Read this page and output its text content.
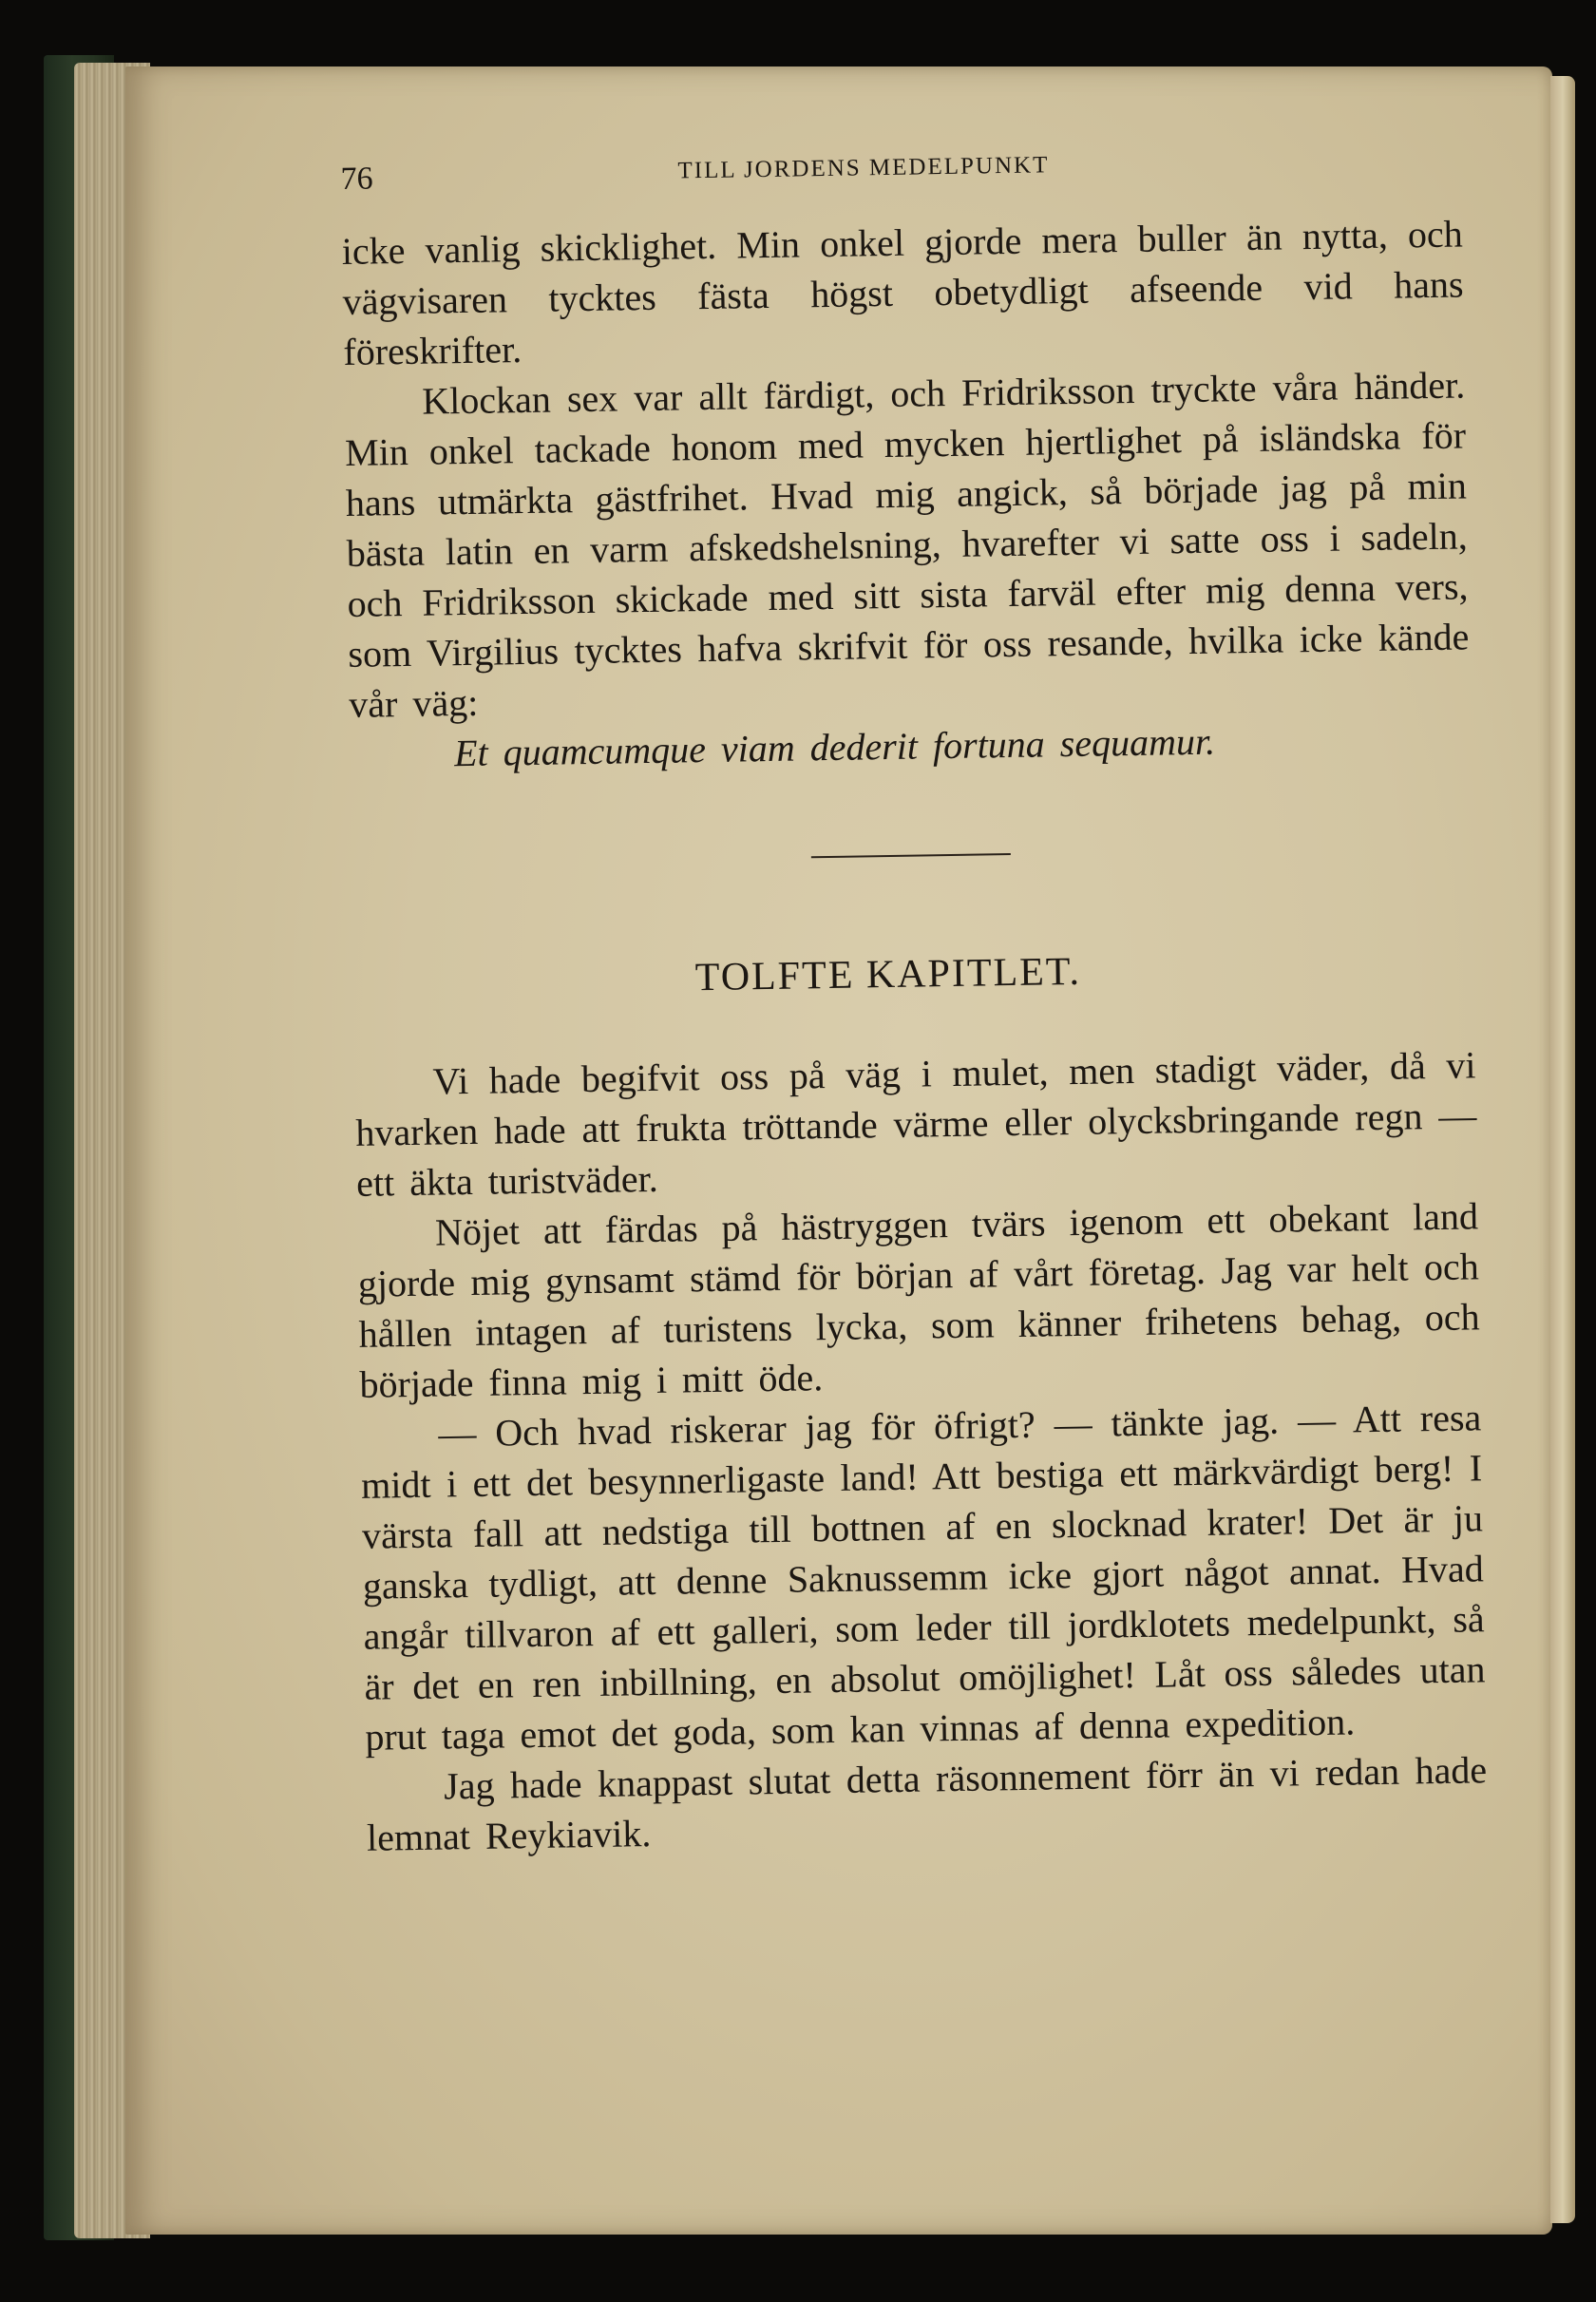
76	TILL JORDENS MEDELPUNKT

icke vanlig skicklighet. Min onkel gjorde mera buller än nytta, och vägvisaren tycktes fästa högst obetydligt afseende vid hans föreskrifter.

Klockan sex var allt färdigt, och Fridriksson tryckte våra händer. Min onkel tackade honom med mycken hjertlighet på isländska för hans utmärkta gästfrihet. Hvad mig angick, så började jag på min bästa latin en varm afskedshelsning, hvarefter vi satte oss i sadeln, och Fridriksson skickade med sitt sista farväl efter mig denna vers, som Virgilius tycktes hafva skrifvit för oss resande, hvilka icke kände vår väg:

Et quamcumque viam dederit fortuna sequamur.

TOLFTE KAPITLET.

Vi hade begifvit oss på väg i mulet, men stadigt väder, då vi hvarken hade att frukta tröttande värme eller olycksbringande regn — ett äkta turistväder.

Nöjet att färdas på hästryggen tvärs igenom ett obekant land gjorde mig gynsamt stämd för början af vårt företag. Jag var helt och hållen intagen af turistens lycka, som känner frihetens behag, och började finna mig i mitt öde.

— Och hvad riskerar jag för öfrigt? — tänkte jag. — Att resa midt i ett det besynnerligaste land! Att bestiga ett märkvärdigt berg! I värsta fall att nedstiga till bottnen af en slocknad krater! Det är ju ganska tydligt, att denne Saknussemm icke gjort något annat. Hvad angår tillvaron af ett galleri, som leder till jordklotets medelpunkt, så är det en ren inbillning, en absolut omöjlighet! Låt oss således utan prut taga emot det goda, som kan vinnas af denna expedition.

Jag hade knappast slutat detta räsonnement förr än vi redan hade lemnat Reykiavik.
